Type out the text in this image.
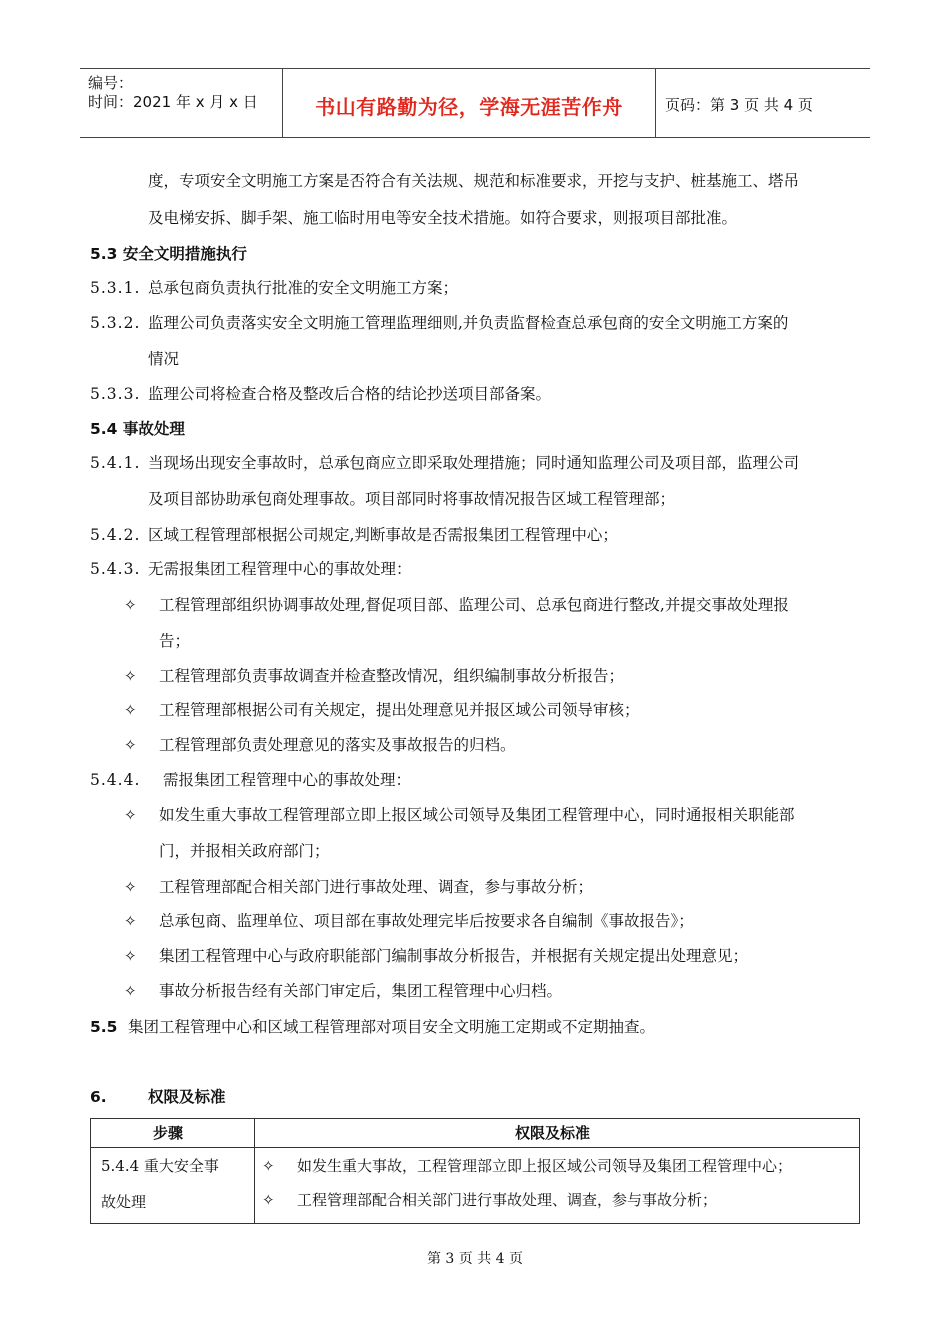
编号：
时间：2021 年 x 月 x 日	书山有路勤为径，学海无涯苦作舟	页码：第 3 页 共 4 页
度，专项安全文明施工方案是否符合有关法规、规范和标准要求，开挖与支护、桩基施工、塔吊
及电梯安拆、脚手架、施工临时用电等安全技术措施。如符合要求，则报项目部批准。
5.3 安全文明措施执行
5.3.1. 总承包商负责执行批准的安全文明施工方案；
5.3.2. 监理公司负责落实安全文明施工管理监理细则,并负责监督检查总承包商的安全文明施工方案的
情况
5.3.3. 监理公司将检查合格及整改后合格的结论抄送项目部备案。
5.4 事故处理
5.4.1. 当现场出现安全事故时，总承包商应立即采取处理措施；同时通知监理公司及项目部，监理公司
及项目部协助承包商处理事故。项目部同时将事故情况报告区域工程管理部；
5.4.2. 区域工程管理部根据公司规定,判断事故是否需报集团工程管理中心；
5.4.3. 无需报集团工程管理中心的事故处理：
✧ 工程管理部组织协调事故处理,督促项目部、监理公司、总承包商进行整改,并提交事故处理报
告；
✧ 工程管理部负责事故调查并检查整改情况，组织编制事故分析报告；
✧ 工程管理部根据公司有关规定，提出处理意见并报区域公司领导审核；
✧ 工程管理部负责处理意见的落实及事故报告的归档。
5.4.4. 需报集团工程管理中心的事故处理：
✧ 如发生重大事故工程管理部立即上报区域公司领导及集团工程管理中心，同时通报相关职能部
门，并报相关政府部门；
✧ 工程管理部配合相关部门进行事故处理、调查，参与事故分析；
✧ 总承包商、监理单位、项目部在事故处理完毕后按要求各自编制《事故报告》；
✧ 集团工程管理中心与政府职能部门编制事故分析报告，并根据有关规定提出处理意见；
✧ 事故分析报告经有关部门审定后，集团工程管理中心归档。
5.5 集团工程管理中心和区域工程管理部对项目安全文明施工定期或不定期抽查。
6.	权限及标准
步骤	权限及标准
5.4.4 重大安全事
故处理
✧ 如发生重大事故，工程管理部立即上报区域公司领导及集团工程管理中心；
✧ 工程管理部配合相关部门进行事故处理、调查，参与事故分析；
第 3 页 共 4 页
